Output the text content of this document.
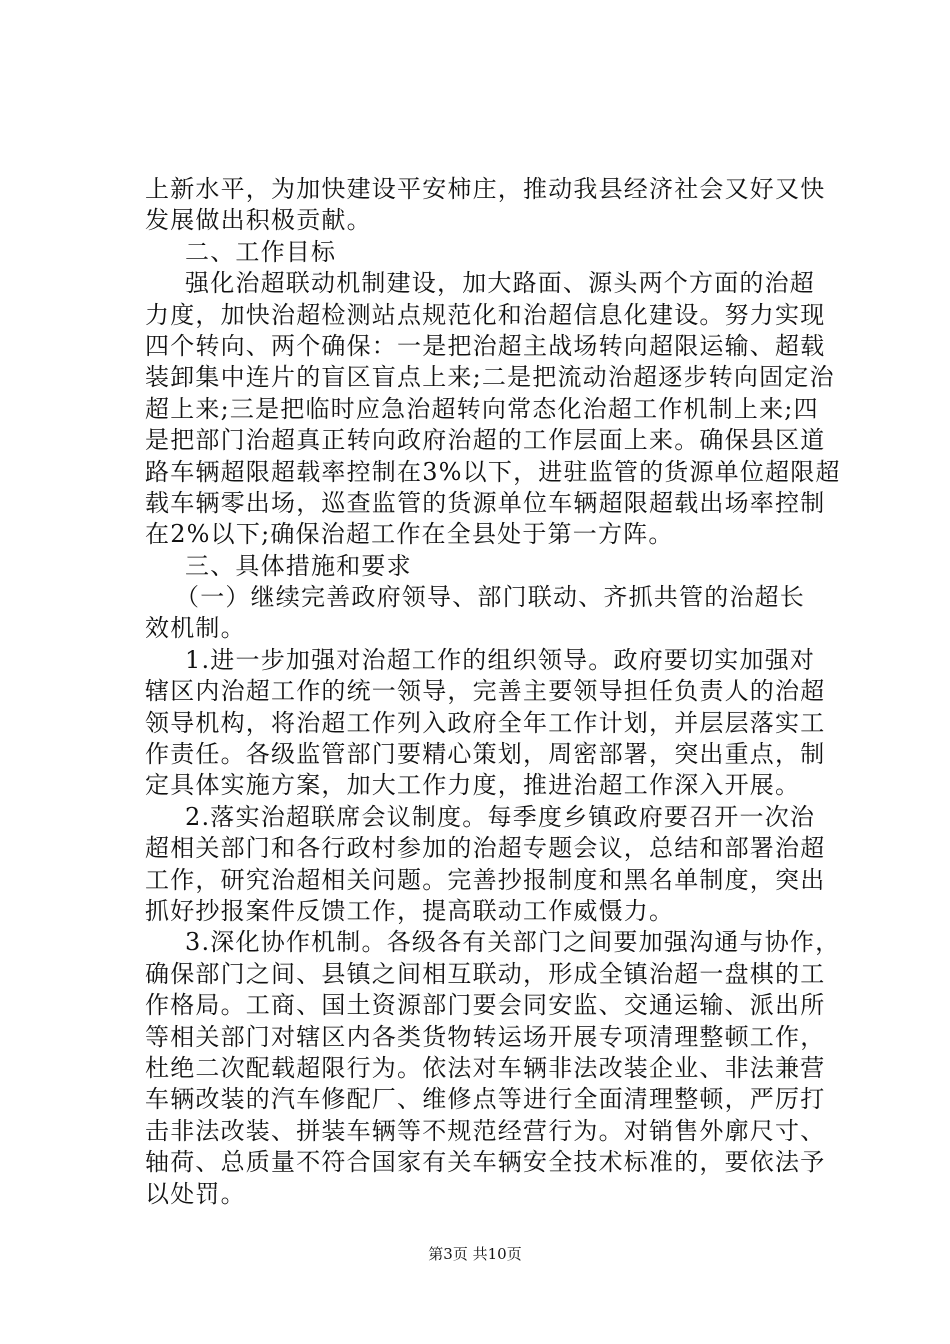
上新水平，为加快建设平安柿庄，推动我县经济社会又好又快
发展做出积极贡献。
二、工作目标
强化治超联动机制建设，加大路面、源头两个方面的治超
力度，加快治超检测站点规范化和治超信息化建设。努力实现
四个转向、两个确保：一是把治超主战场转向超限运输、超载
装卸集中连片的盲区盲点上来;二是把流动治超逐步转向固定治
超上来;三是把临时应急治超转向常态化治超工作机制上来;四
是把部门治超真正转向政府治超的工作层面上来。确保县区道
路车辆超限超载率控制在3%以下，进驻监管的货源单位超限超
载车辆零出场，巡查监管的货源单位车辆超限超载出场率控制
在2%以下;确保治超工作在全县处于第一方阵。
三、具体措施和要求
（一）继续完善政府领导、部门联动、齐抓共管的治超长
效机制。
1.进一步加强对治超工作的组织领导。政府要切实加强对
辖区内治超工作的统一领导，完善主要领导担任负责人的治超
领导机构，将治超工作列入政府全年工作计划，并层层落实工
作责任。各级监管部门要精心策划，周密部署，突出重点，制
定具体实施方案，加大工作力度，推进治超工作深入开展。
2.落实治超联席会议制度。每季度乡镇政府要召开一次治
超相关部门和各行政村参加的治超专题会议，总结和部署治超
工作，研究治超相关问题。完善抄报制度和黑名单制度，突出
抓好抄报案件反馈工作，提高联动工作威慑力。
3.深化协作机制。各级各有关部门之间要加强沟通与协作，
确保部门之间、县镇之间相互联动，形成全镇治超一盘棋的工
作格局。工商、国土资源部门要会同安监、交通运输、派出所
等相关部门对辖区内各类货物转运场开展专项清理整顿工作，
杜绝二次配载超限行为。依法对车辆非法改装企业、非法兼营
车辆改装的汽车修配厂、维修点等进行全面清理整顿，严厉打
击非法改装、拼装车辆等不规范经营行为。对销售外廓尺寸、
轴荷、总质量不符合国家有关车辆安全技术标准的，要依法予
以处罚。
第3页 共10页
